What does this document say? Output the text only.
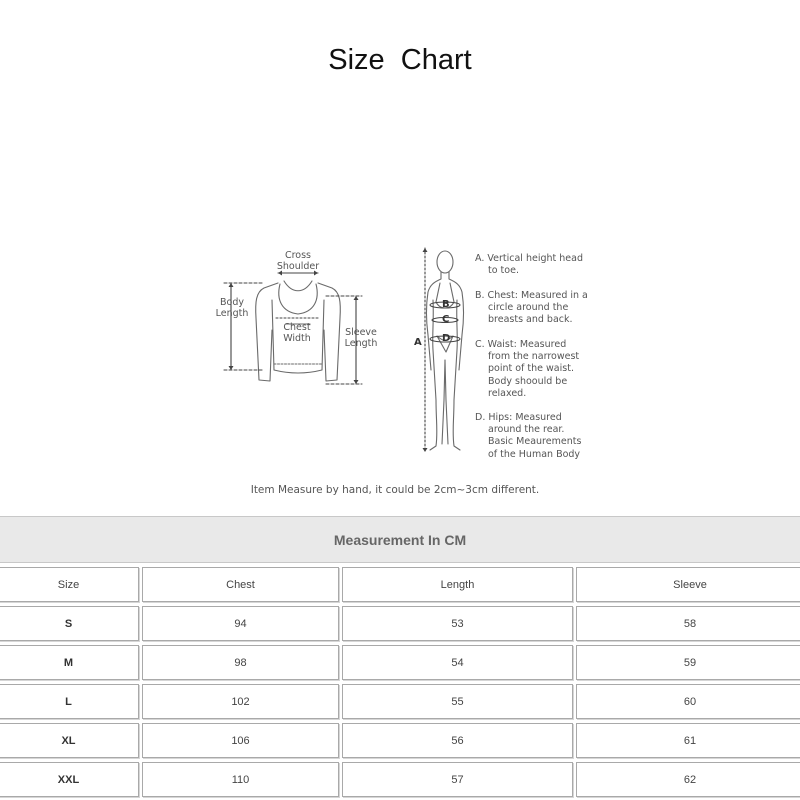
Size  Chart
Cross
Shoulder
Body
Length
Chest
Width
Sleeve
Length	A
B
C
D
A. Vertical height head
to toe.
B. Chest: Measured in a
circle around the
breasts and back.
C. Waist: Measured
from the narrowest
point of the waist.
Body shoould be
relaxed.
D. Hips: Measured
around the rear.
Basic Meaurements
of the Human Body
Item Measure by hand, it could be 2cm~3cm different.
Measurement In CM
Size	Chest	Length	Sleeve
S	94	53	58
M	98	54	59
L	102	55	60
XL	106	56	61
XXL	110	57	62
